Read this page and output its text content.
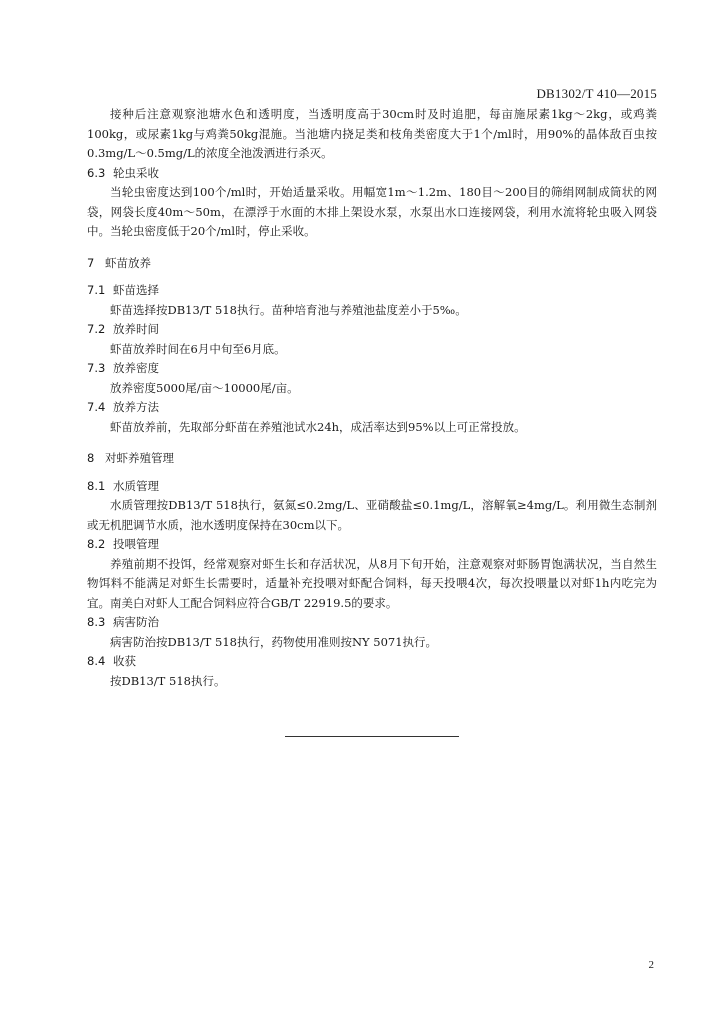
DB1302/T 410—2015

接种后注意观察池塘水色和透明度，当透明度高于30cm时及时追肥，每亩施尿素1kg～2kg，或鸡粪100kg，或尿素1kg与鸡粪50kg混施。当池塘内挠足类和枝角类密度大于1个/ml时，用90%的晶体敌百虫按0.3mg/L～0.5mg/L的浓度全池泼洒进行杀灭。

6.3 轮虫采收

当轮虫密度达到100个/ml时，开始适量采收。用幅宽1m～1.2m、180目～200目的筛绢网制成筒状的网袋，网袋长度40m～50m，在漂浮于水面的木排上架设水泵，水泵出水口连接网袋，利用水流将轮虫吸入网袋中。当轮虫密度低于20个/ml时，停止采收。

7 虾苗放养
7.1 虾苗选择

虾苗选择按DB13/T 518执行。苗种培育池与养殖池盐度差小于5‰。

7.2 放养时间

虾苗放养时间在6月中旬至6月底。

7.3 放养密度

放养密度5000尾/亩～10000尾/亩。

7.4 放养方法

虾苗放养前，先取部分虾苗在养殖池试水24h，成活率达到95%以上可正常投放。

8 对虾养殖管理
8.1 水质管理

水质管理按DB13/T 518执行，氨氮≤0.2mg/L、亚硝酸盐≤0.1mg/L，溶解氧≥4mg/L。利用微生态制剂或无机肥调节水质，池水透明度保持在30cm以下。

8.2 投喂管理

养殖前期不投饵，经常观察对虾生长和存活状况，从8月下旬开始，注意观察对虾肠胃饱满状况，当自然生物饵料不能满足对虾生长需要时，适量补充投喂对虾配合饲料，每天投喂4次，每次投喂量以对虾1h内吃完为宜。南美白对虾人工配合饲料应符合GB/T 22919.5的要求。

8.3 病害防治

病害防治按DB13/T 518执行，药物使用准则按NY 5071执行。

8.4 收获

按DB13/T 518执行。

2
